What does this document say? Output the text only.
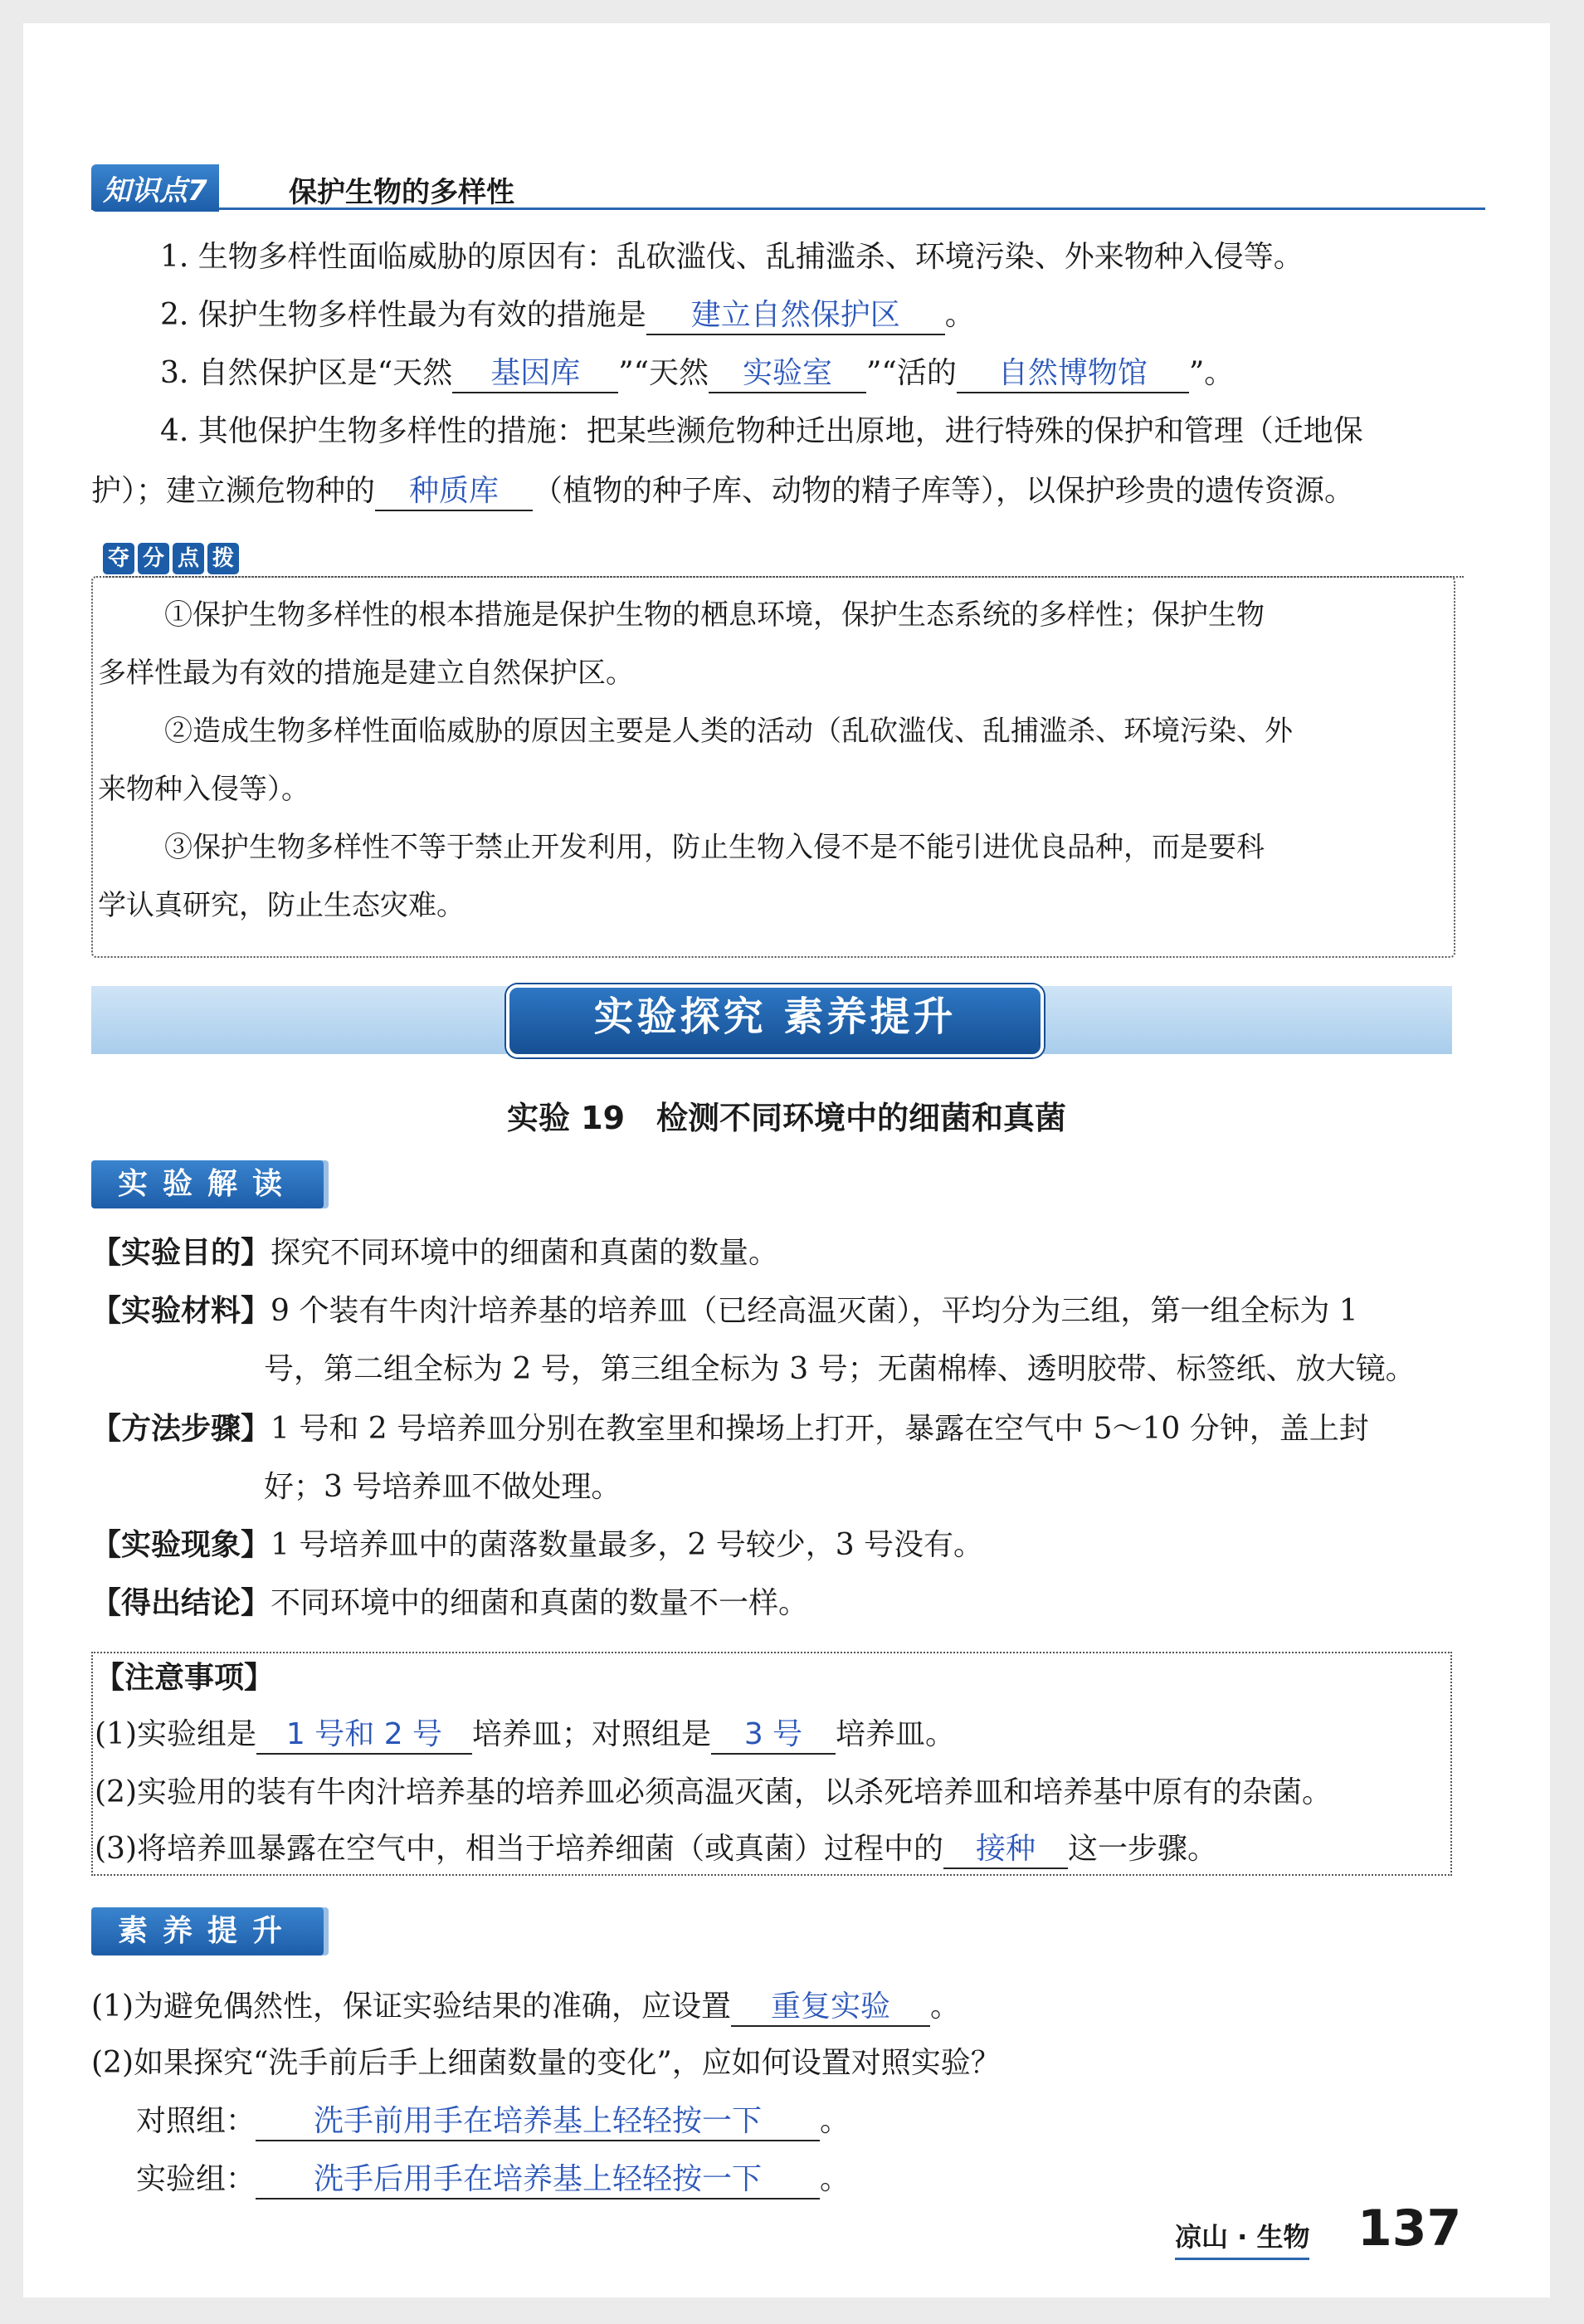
知识点7	保护生物的多样性
1. 生物多样性面临威胁的原因有：乱砍滥伐、乱捕滥杀、环境污染、外来物种入侵等。
2. 保护生物多样性最为有效的措施是 建立自然保护区 。
3. 自然保护区是“天然 基因库 ”“天然 实验室 ”“活的 自然博物馆 ”。
4. 其他保护生物多样性的措施：把某些濒危物种迁出原地，进行特殊的保护和管理（迁地保
护）；建立濒危物种的 种质库 （植物的种子库、动物的精子库等），以保护珍贵的遗传资源。
夺 分 点 拨
①保护生物多样性的根本措施是保护生物的栖息环境，保护生态系统的多样性；保护生物
多样性最为有效的措施是建立自然保护区。
②造成生物多样性面临威胁的原因主要是人类的活动（乱砍滥伐、乱捕滥杀、环境污染、外
来物种入侵等）。
③保护生物多样性不等于禁止开发利用，防止生物入侵不是不能引进优良品种，而是要科
学认真研究，防止生态灾难。
实验探究 素养提升
实验 19　检测不同环境中的细菌和真菌
实验解读
【实验目的】探究不同环境中的细菌和真菌的数量。
【实验材料】9 个装有牛肉汁培养基的培养皿（已经高温灭菌），平均分为三组，第一组全标为 1
号，第二组全标为 2 号，第三组全标为 3 号；无菌棉棒、透明胶带、标签纸、放大镜。
【方法步骤】1 号和 2 号培养皿分别在教室里和操场上打开，暴露在空气中 5～10 分钟，盖上封
好；3 号培养皿不做处理。
【实验现象】1 号培养皿中的菌落数量最多，2 号较少，3 号没有。
【得出结论】不同环境中的细菌和真菌的数量不一样。
【注意事项】
(1)实验组是 1 号和 2 号 培养皿；对照组是 3 号 培养皿。
(2)实验用的装有牛肉汁培养基的培养皿必须高温灭菌，以杀死培养皿和培养基中原有的杂菌。
(3)将培养皿暴露在空气中，相当于培养细菌（或真菌）过程中的 接种 这一步骤。
素养提升
(1)为避免偶然性，保证实验结果的准确，应设置 重复实验 。
(2)如果探究“洗手前后手上细菌数量的变化”，应如何设置对照实验？
对照组： 洗手前用手在培养基上轻轻按一下 。
实验组： 洗手后用手在培养基上轻轻按一下 。
凉山 · 生物 137
